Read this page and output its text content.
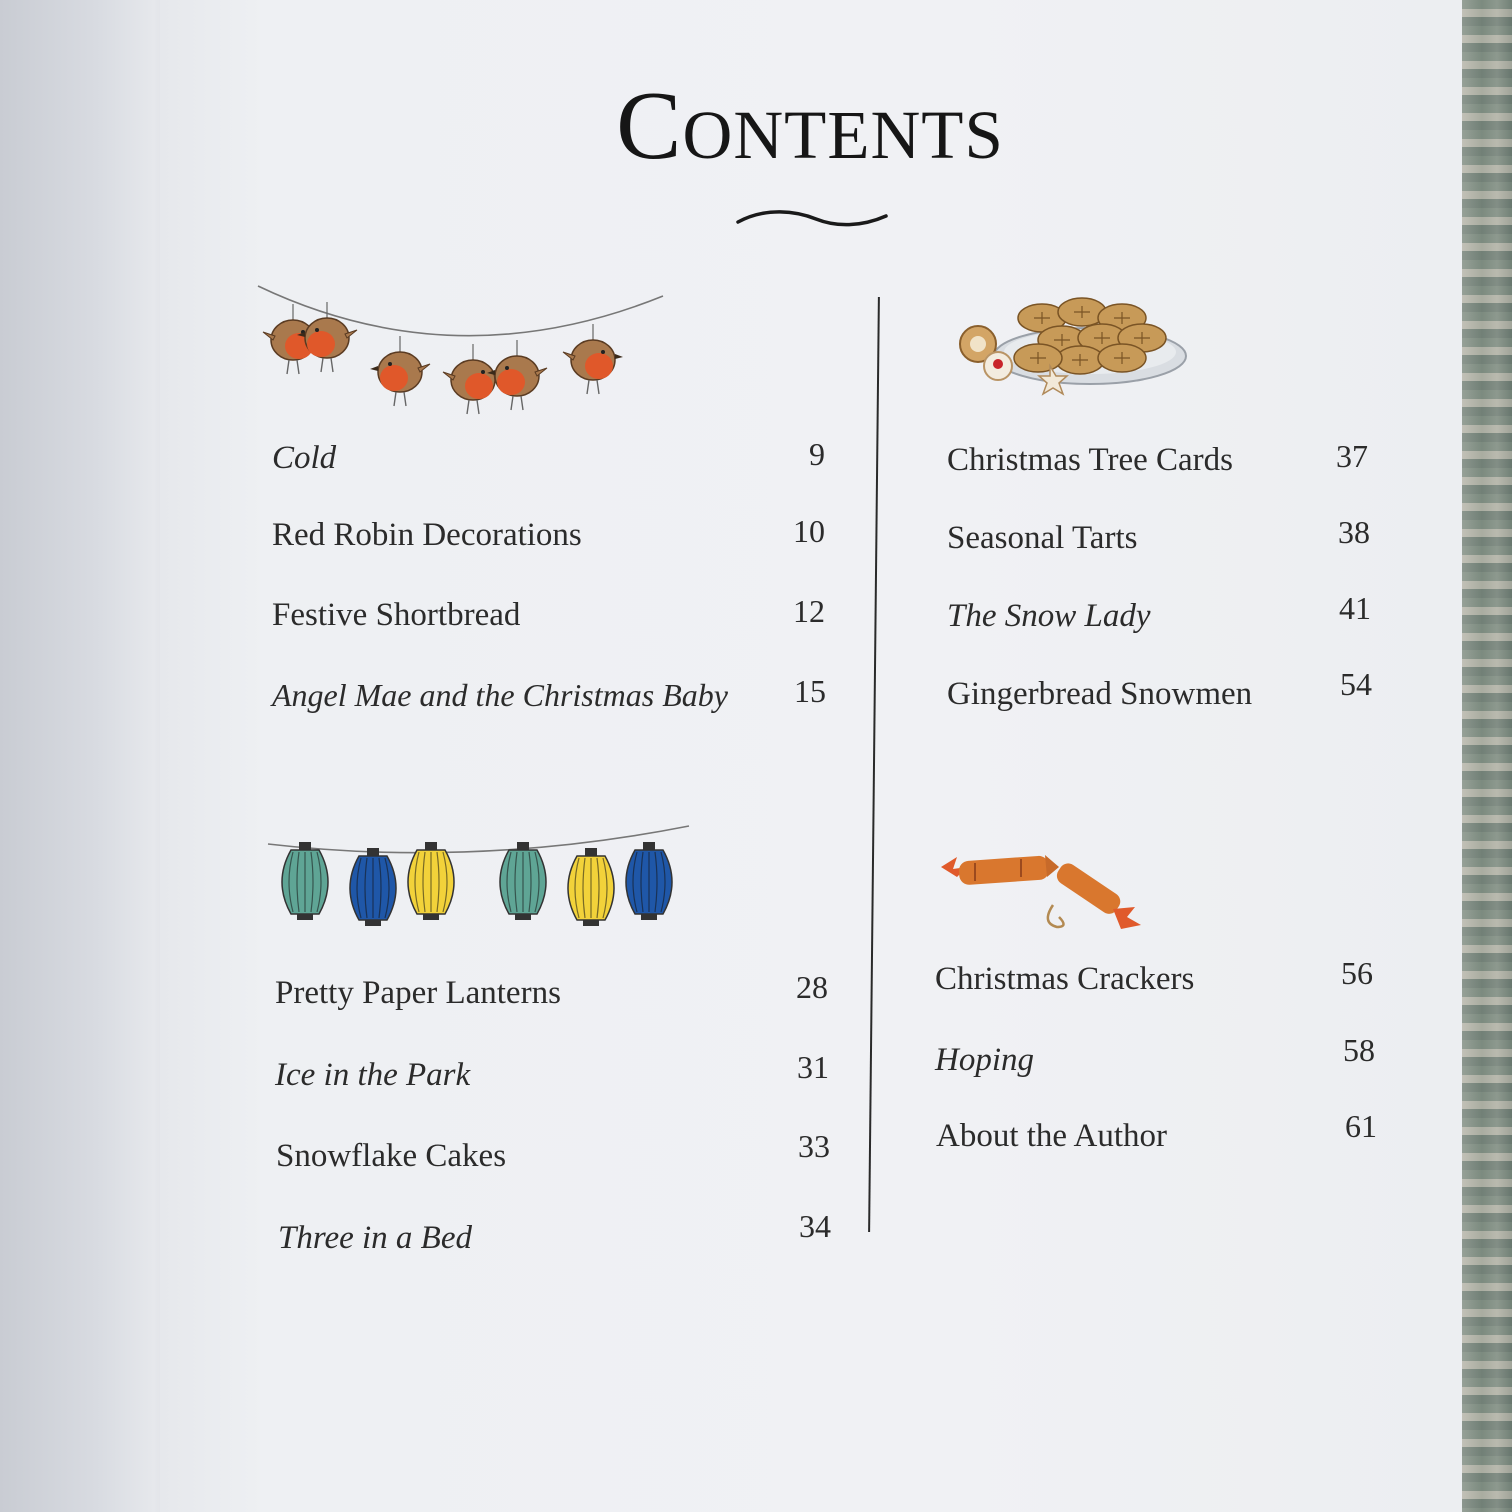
Contents
Cold	9
Red Robin Decorations	10
Festive Shortbread	12
Angel Mae and the Christmas Baby 15
Pretty Paper Lanterns	28
Ice in the Park	31
Snowflake Cakes	33
Three in a Bed	34
Christmas Tree Cards	37
Seasonal Tarts	38
The Snow Lady	41
Gingerbread Snowmen	54
Christmas Crackers	56
Hoping	58
About the Author	61
